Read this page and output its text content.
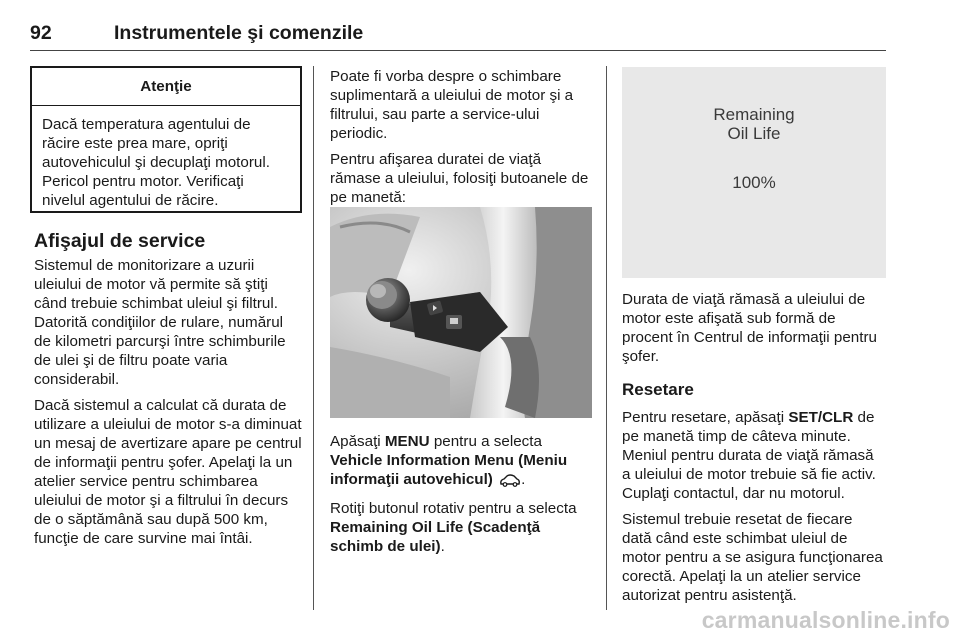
92	Instrumentele şi comenzile
Atenţie
Dacă temperatura agentului de răcire este prea mare, opriţi autovehiculul şi decuplaţi motorul. Pericol pentru motor. Verificaţi nivelul agentului de răcire.
Afişajul de service

Sistemul de monitorizare a uzurii uleiului de motor vă permite să ştiţi când trebuie schimbat uleiul şi filtrul. Datorită condiţiilor de rulare, numărul de kilometri parcurşi între schimburile de ulei şi de filtru poate varia considerabil.

Dacă sistemul a calculat că durata de utilizare a uleiului de motor s-a diminuat un mesaj de avertizare apare pe centrul de informaţii pentru şofer. Apelaţi la un atelier service pentru schimbarea uleiului de motor şi a filtrului în decurs de o săptămână sau după 500 km, funcţie de care survine mai întâi.

Poate fi vorba despre o schimbare suplimentară a uleiului de motor şi a filtrului, sau parte a service-ului periodic.

Pentru afişarea duratei de viaţă rămase a uleiului, folosiţi butoanele de pe manetă:

Apăsaţi MENU pentru a selecta Vehicle Information Menu (Meniu informaţii autovehicul) .

Rotiţi butonul rotativ pentru a selecta Remaining Oil Life (Scadenţă schimb de ulei).

Remaining
Oil Life
100%

Durata de viaţă rămasă a uleiului de motor este afişată sub formă de procent în Centrul de informaţii pentru şofer.

Resetare

Pentru resetare, apăsaţi SET/CLR de pe manetă timp de câteva minute. Meniul pentru durata de viaţă rămasă a uleiului de motor trebuie să fie activ. Cuplaţi contactul, dar nu motorul.

Sistemul trebuie resetat de fiecare dată când este schimbat uleiul de motor pentru a se asigura funcţionarea corectă. Apelaţi la un atelier service autorizat pentru asistenţă.

carmanualsonline.info
